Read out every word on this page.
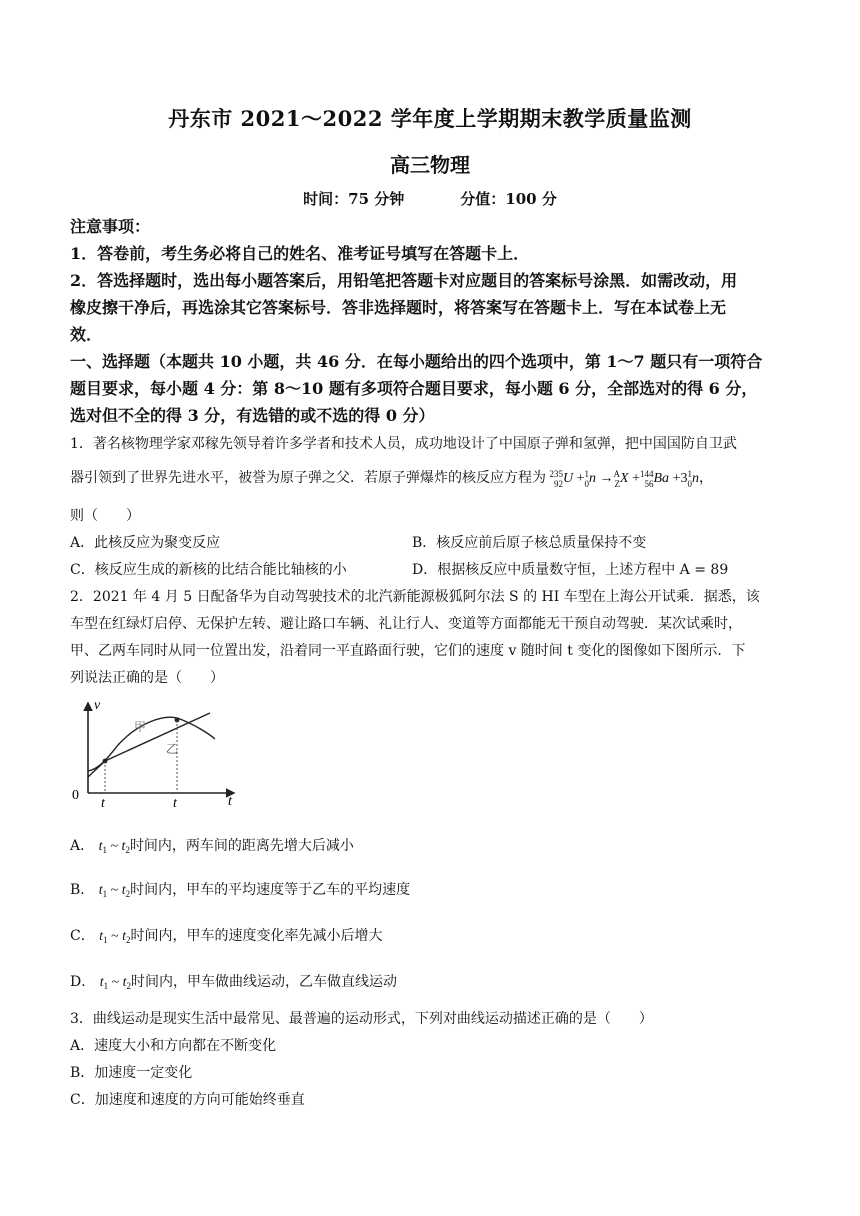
丹东市 2021～2022 学年度上学期期末教学质量监测
高三物理
时间：75 分钟	分值：100 分
注意事项：
1．答卷前，考生务必将自己的姓名、准考证号填写在答题卡上．
2．答选择题时，选出每小题答案后，用铅笔把答题卡对应题目的答案标号涂黑．如需改动，用
橡皮擦干净后，再选涂其它答案标号．答非选择题时，将答案写在答题卡上．写在本试卷上无
效．
一、选择题（本题共 10 小题，共 46 分．在每小题给出的四个选项中，第 1～7 题只有一项符合
题目要求，每小题 4 分：第 8～10 题有多项符合题目要求，每小题 6 分，全部选对的得 6 分，
选对但不全的得 3 分，有选错的或不选的得 0 分）
1．著名核物理学家邓稼先领导着许多学者和技术人员，成功地设计了中国原子弹和氢弹，把中国国防自卫武
器引领到了世界先进水平，被誉为原子弹之父．若原子弹爆炸的核反应方程为 235
92 U + 1
0 n → A
Z X + 144
56 Ba +3 1
0 n，
则（　　）
A．此核反应为聚变反应	B．核反应前后原子核总质量保持不变
C．核反应生成的新核的比结合能比轴核的小	D．根据核反应中质量数守恒，上述方程中 A = 89
2．2021 年 4 月 5 日配备华为自动驾驶技术的北汽新能源极狐阿尔法 S 的 HI 车型在上海公开试乘．据悉，该
车型在红绿灯启停、无保护左转、避让路口车辆、礼让行人、变道等方面都能无干预自动驾驶．某次试乘时，
甲、乙两车同时从同一位置出发，沿着同一平直路面行驶，它们的速度 v 随时间 t 变化的图像如下图所示．下
列说法正确的是（　　）
v
t
0
t	t
甲
乙
A． $t_1$ ~ $t_2$时间内，两车间的距离先增大后减小
B． $t_1$ ~ $t_2$时间内，甲车的平均速度等于乙车的平均速度
C． $t_1$ ~ $t_2$时间内，甲车的速度变化率先减小后增大
D． $t_1$ ~ $t_2$时间内，甲车做曲线运动，乙车做直线运动
3．曲线运动是现实生活中最常见、最普遍的运动形式，下列对曲线运动描述正确的是（　　）
A．速度大小和方向都在不断变化
B．加速度一定变化
C．加速度和速度的方向可能始终垂直
